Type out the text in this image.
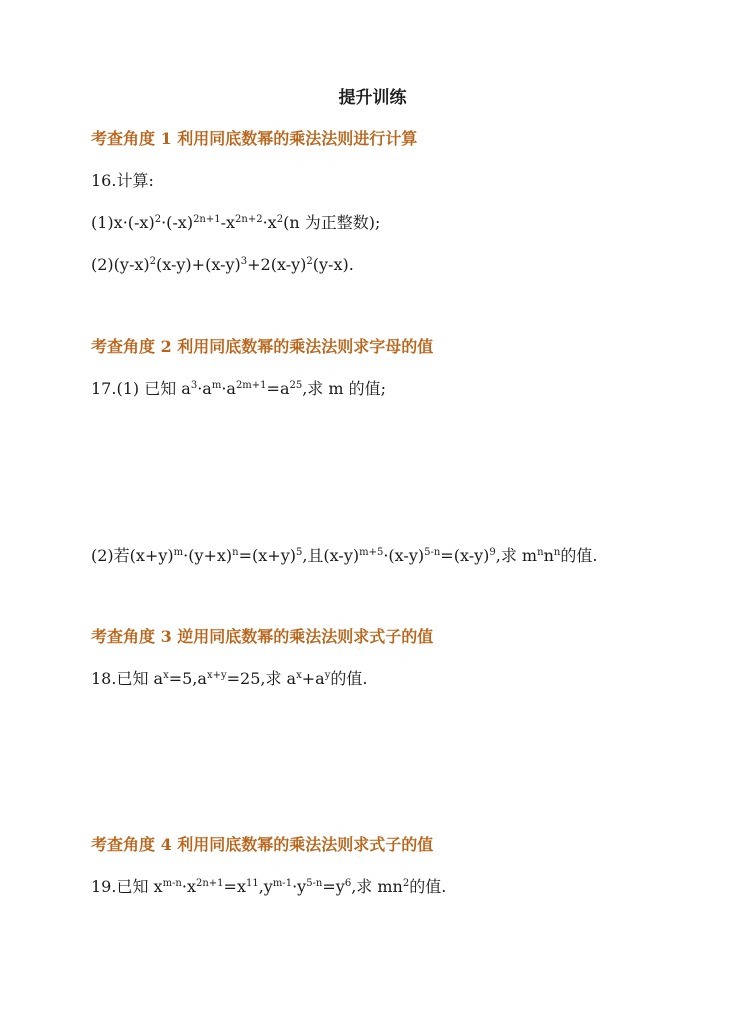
提升训练
考查角度 1 利用同底数幂的乘法法则进行计算
16.计算:
$(1)x\cdot(-x)^2\cdot(-x)^{2n+1}-x^{2n+2}\cdot x^2(n$ 为正整数);
$(2)(y-x)^2(x-y)+(x-y)^3+2(x-y)^2(y-x)$.
考查角度 2 利用同底数幂的乘法法则求字母的值
17.(1) 已知 $a^3\cdot a^m\cdot a^{2m+1}=a^{25}$,求 m 的值;
(2)若$(x+y)^m\cdot(y+x)^n=(x+y)^5$,且$(x-y)^{m+5}\cdot(x-y)^{5-n}=(x-y)^9$,求 $m^nn^n$的值.
考查角度 3 逆用同底数幂的乘法法则求式子的值
18.已知 $a^x=5,a^{x+y}=25$,求 $a^x+a^y$的值.
考查角度 4 利用同底数幂的乘法法则求式子的值
19.已知 $x^{m-n}\cdot x^{2n+1}=x^{11},y^{m-1}\cdot y^{5-n}=y^6$,求 $mn^2$的值.
